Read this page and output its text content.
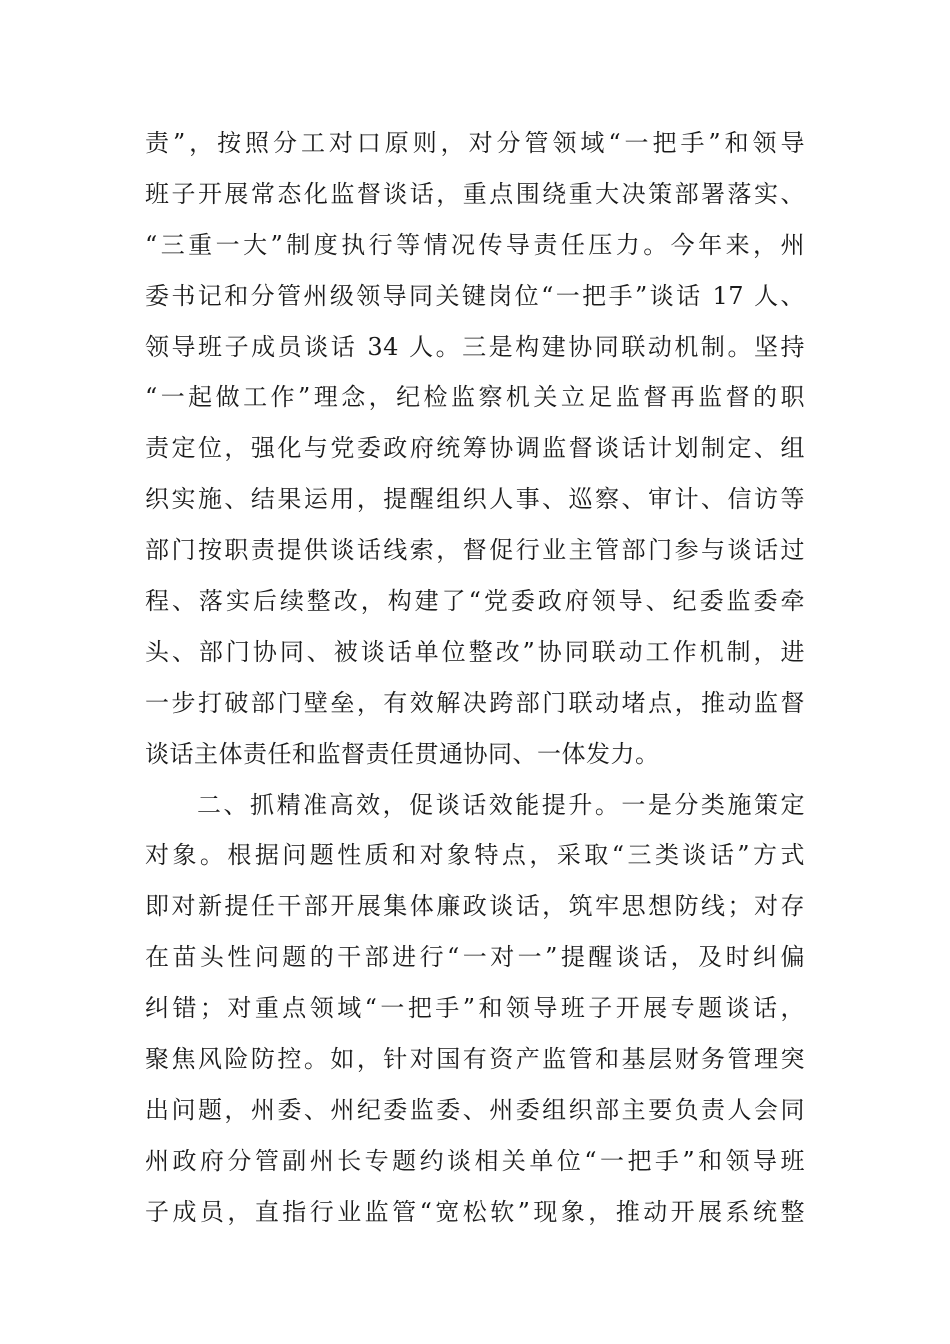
责”，按照分工对口原则，对分管领域“一把手”和领导
班子开展常态化监督谈话，重点围绕重大决策部署落实、
“三重一大”制度执行等情况传导责任压力。今年来，州
委书记和分管州级领导同关键岗位“一把手”谈话 17 人、
领导班子成员谈话 34 人。三是构建协同联动机制。坚持
“一起做工作”理念，纪检监察机关立足监督再监督的职
责定位，强化与党委政府统筹协调监督谈话计划制定、组
织实施、结果运用，提醒组织人事、巡察、审计、信访等
部门按职责提供谈话线索，督促行业主管部门参与谈话过
程、落实后续整改，构建了“党委政府领导、纪委监委牵
头、部门协同、被谈话单位整改”协同联动工作机制，进
一步打破部门壁垒，有效解决跨部门联动堵点，推动监督
谈话主体责任和监督责任贯通协同、一体发力。
二、抓精准高效，促谈话效能提升。一是分类施策定
对象。根据问题性质和对象特点，采取“三类谈话”方式
即对新提任干部开展集体廉政谈话，筑牢思想防线；对存
在苗头性问题的干部进行“一对一”提醒谈话，及时纠偏
纠错；对重点领域“一把手”和领导班子开展专题谈话，
聚焦风险防控。如，针对国有资产监管和基层财务管理突
出问题，州委、州纪委监委、州委组织部主要负责人会同
州政府分管副州长专题约谈相关单位“一把手”和领导班
子成员，直指行业监管“宽松软”现象，推动开展系统整
